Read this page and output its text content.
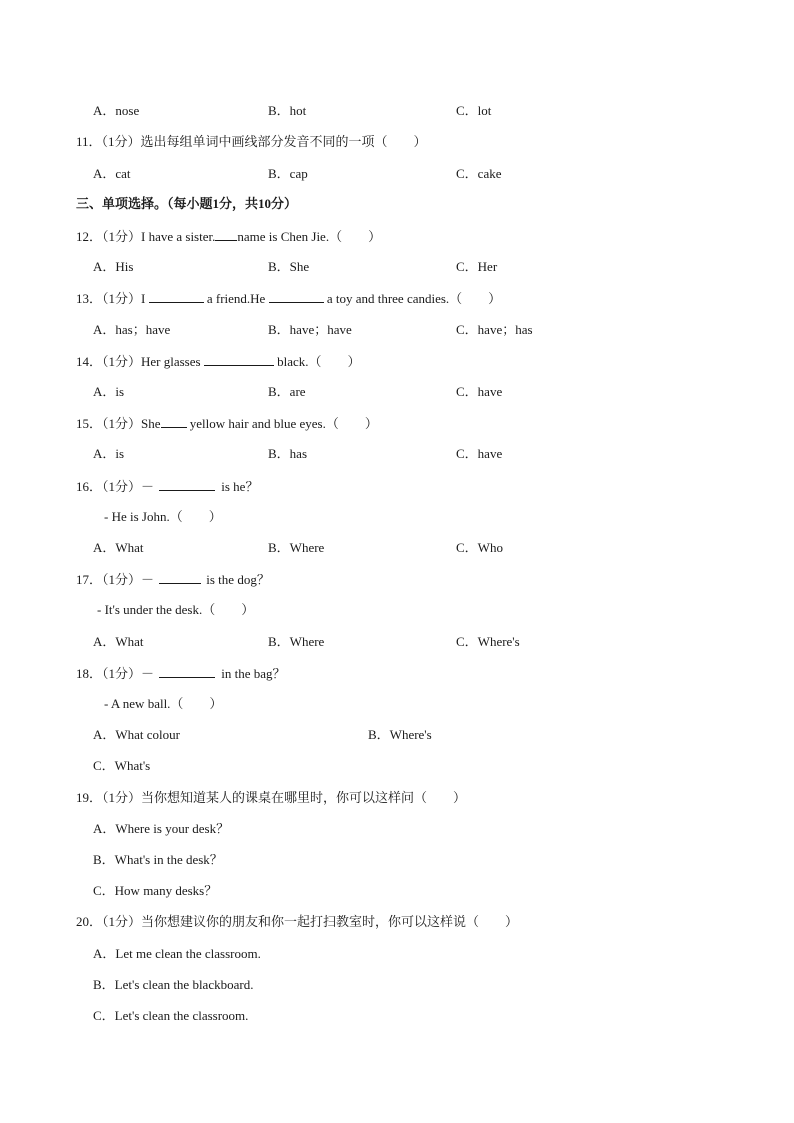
A．nose	B．hot	C．lot
11．（1分）选出每组单词中画线部分发音不同的一项（　　）
A．cat	B．cap	C．cake
三、单项选择。（每小题1分，共10分）
12．（1分）I have a sister. name is Chen Jie.（　　）
A．His	B．She	C．Her
13．（1分）I	a friend.He	a toy and three candies.（　　）
A．has；have	B．have；have	C．have；has
14．（1分）Her glasses	black.（　　）
A．is	B．are	C．have
15．（1分）She yellow hair and blue eyes.（　　）
A．is	B．has	C．have
16．（1分）－	is he？
- He is John.（　　）
A．What	B．Where	C．Who
17．（1分）－	is the dog？
- It's under the desk.（　　）
A．What	B．Where	C．Where's
18．（1分）－	in the bag？
- A new ball.（　　）
A．What colour	B．Where's
C．What's
19．（1分）当你想知道某人的课桌在哪里时，你可以这样问（　　）
A．Where is your desk？
B．What's in the desk？
C．How many desks？
20．（1分）当你想建议你的朋友和你一起打扫教室时，你可以这样说（　　）
A．Let me clean the classroom.
B．Let's clean the blackboard.
C．Let's clean the classroom.
